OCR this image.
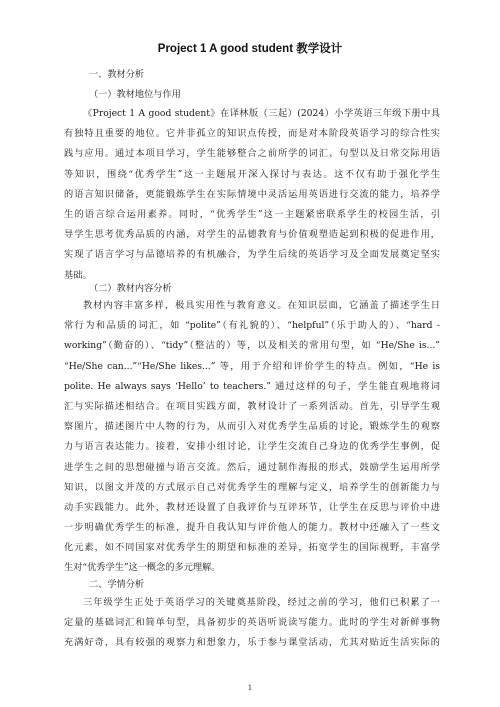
Project 1 A good student 教学设计
一、教材分析
（一）教材地位与作用
《Project 1 A good student》在译林版（三起）(2024）小学英语三年级下册中具
有独特且重要的地位。它并非孤立的知识点传授，而是对本阶段英语学习的综合性实
践与应用。通过本项目学习，学生能够整合之前所学的词汇、句型以及日常交际用语
等知识，围绕“优秀学生”这一主题展开深入探讨与表达。这不仅有助于强化学生
的语言知识储备，更能锻炼学生在实际情境中灵活运用英语进行交流的能力，培养学
生的语言综合运用素养。同时，“优秀学生”这一主题紧密联系学生的校园生活，引
导学生思考优秀品质的内涵，对学生的品德教育与价值观塑造起到积极的促进作用，
实现了语言学习与品德培养的有机融合，为学生后续的英语学习及全面发展奠定坚实
基础。
（二）教材内容分析
教材内容丰富多样，极具实用性与教育意义。在知识层面，它涵盖了描述学生日
常行为和品质的词汇，如 “polite”（有礼貌的）、“helpful”（乐于助人的）、“hard -
working”（勤奋的）、“tidy”（整洁的）等，以及相关的常用句型，如 “He/She is...”
“He/She can...”“He/She likes...” 等，用于介绍和评价学生的特点。例如，“He is
polite. He always says ‘Hello’ to teachers.” 通过这样的句子，学生能直观地将词
汇与实际描述相结合。在项目实践方面，教材设计了一系列活动。首先，引导学生观
察图片，描述图片中人物的行为，从而引入对优秀学生品质的讨论，锻炼学生的观察
力与语言表达能力。接着，安排小组讨论，让学生交流自己身边的优秀学生事例，促
进学生之间的思想碰撞与语言交流。然后，通过制作海报的形式，鼓励学生运用所学
知识，以图文并茂的方式展示自己对优秀学生的理解与定义，培养学生的创新能力与
动手实践能力。此外，教材还设置了自我评价与互评环节，让学生在反思与评价中进
一步明确优秀学生的标准，提升自我认知与评价他人的能力。教材中还融入了一些文
化元素，如不同国家对优秀学生的期望和标准的差异，拓宽学生的国际视野，丰富学
生对“优秀学生”这一概念的多元理解。
二、学情分析
三年级学生正处于英语学习的关键奠基阶段，经过之前的学习，他们已积累了一
定量的基础词汇和简单句型，具备初步的英语听说读写能力。此时的学生对新鲜事物
充满好奇，具有较强的观察力和想象力，乐于参与课堂活动，尤其对贴近生活实际的
1
